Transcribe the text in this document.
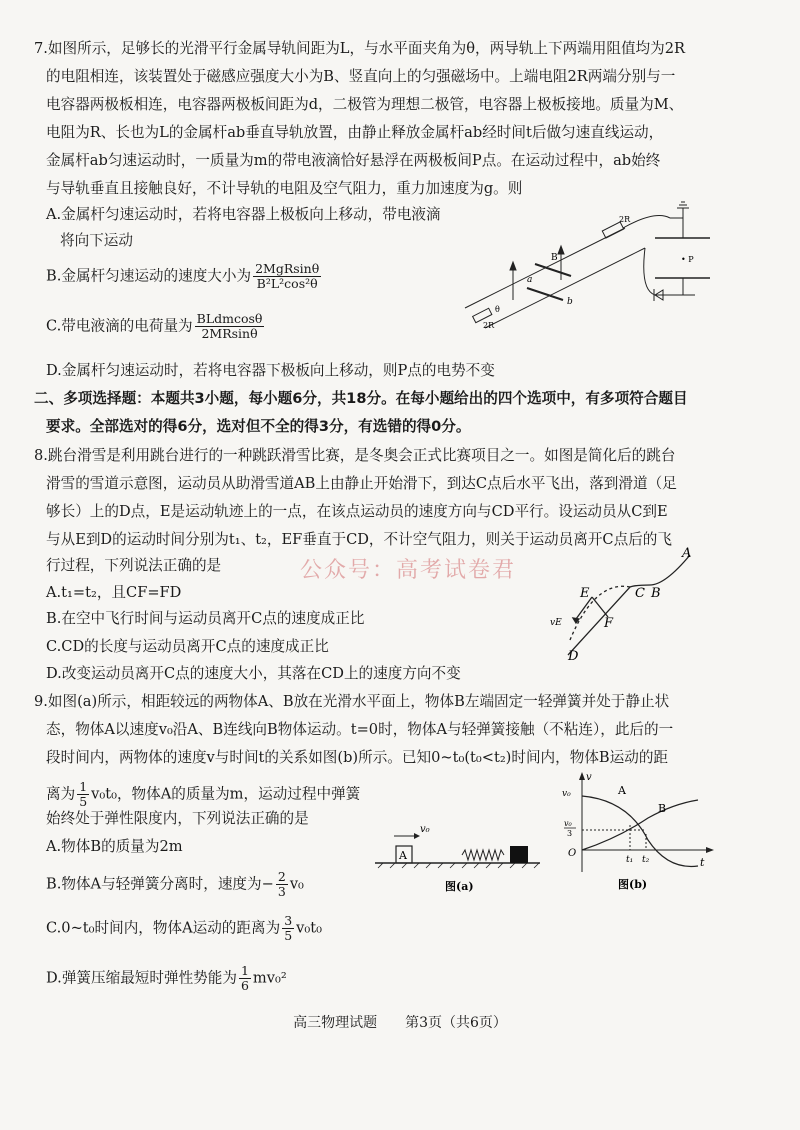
7.如图所示，足够长的光滑平行金属导轨间距为L，与水平面夹角为θ，两导轨上下两端用阻值均为2R
的电阻相连，该装置处于磁感应强度大小为B、竖直向上的匀强磁场中。上端电阻2R两端分别与一
电容器两极板相连，电容器两极板间距为d，二极管为理想二极管，电容器上极板接地。质量为M、
电阻为R、长也为L的金属杆ab垂直导轨放置，由静止释放金属杆ab经时间t后做匀速直线运动，
金属杆ab匀速运动时，一质量为m的带电液滴恰好悬浮在两极板间P点。在运动过程中，ab始终
与导轨垂直且接触良好，不计导轨的电阻及空气阻力，重力加速度为g。则
A.金属杆匀速运动时，若将电容器上极板向上移动，带电液滴
将向下运动
B.金属杆匀速运动的速度大小为 $\frac{\text{2MgRsinθ}}{\text{B²L²cos²θ}}$
C.带电液滴的电荷量为 $\frac{\text{BLdmcosθ}}{2MRsin\theta}$
D.金属杆匀速运动时，若将电容器下极板向上移动，则P点的电势不变
B
a
b
2R
2R
θ
• P
二、多项选择题：本题共3小题，每小题6分，共18分。在每小题给出的四个选项中，有多项符合题目
要求。全部选对的得6分，选对但不全的得3分，有选错的得0分。
8.跳台滑雪是利用跳台进行的一种跳跃滑雪比赛，是冬奥会正式比赛项目之一。如图是简化后的跳台
滑雪的雪道示意图，运动员从助滑雪道AB上由静止开始滑下，到达C点后水平飞出，落到滑道（足
够长）上的D点，E是运动轨迹上的一点，在该点运动员的速度方向与CD平行。设运动员从C到E
与从E到D的运动时间分别为t₁、t₂，EF垂直于CD，不计空气阻力，则关于运动员离开C点后的飞
行过程，下列说法正确的是
A.t₁=t₂，且CF=FD
B.在空中飞行时间与运动员离开C点的速度成正比
C.CD的长度与运动员离开C点的速度成正比
D.改变运动员离开C点的速度大小，其落在CD上的速度方向不变
A
C B
E
F
D
vE
公众号：高考试卷君
9.如图(a)所示，相距较远的两物体A、B放在光滑水平面上，物体B左端固定一轻弹簧并处于静止状
态，物体A以速度v₀沿A、B连线向B物体运动。t=0时，物体A与轻弹簧接触（不粘连），此后的一
段时间内，两物体的速度v与时间t的关系如图(b)所示。已知0~t₀(t₀<t₂)时间内，物体B运动的距
离为 $\frac{1}{5} v_0t_0$，物体A的质量为m，运动过程中弹簧
始终处于弹性限度内，下列说法正确的是
A.物体B的质量为2m
B.物体A与轻弹簧分离时，速度为− $\frac{2}{3} v_0$
C.0~t₀时间内，物体A运动的距离为 $\frac{3}{5} v_0t_0$
D.弹簧压缩最短时弹性势能为 $\frac{1}{6} mv_0^2$
A
v₀
图(a)
v
v₀
v₀
3
O
A
B
t₁ t₂	t
图(b)
高三物理试题　　第3页（共6页）
